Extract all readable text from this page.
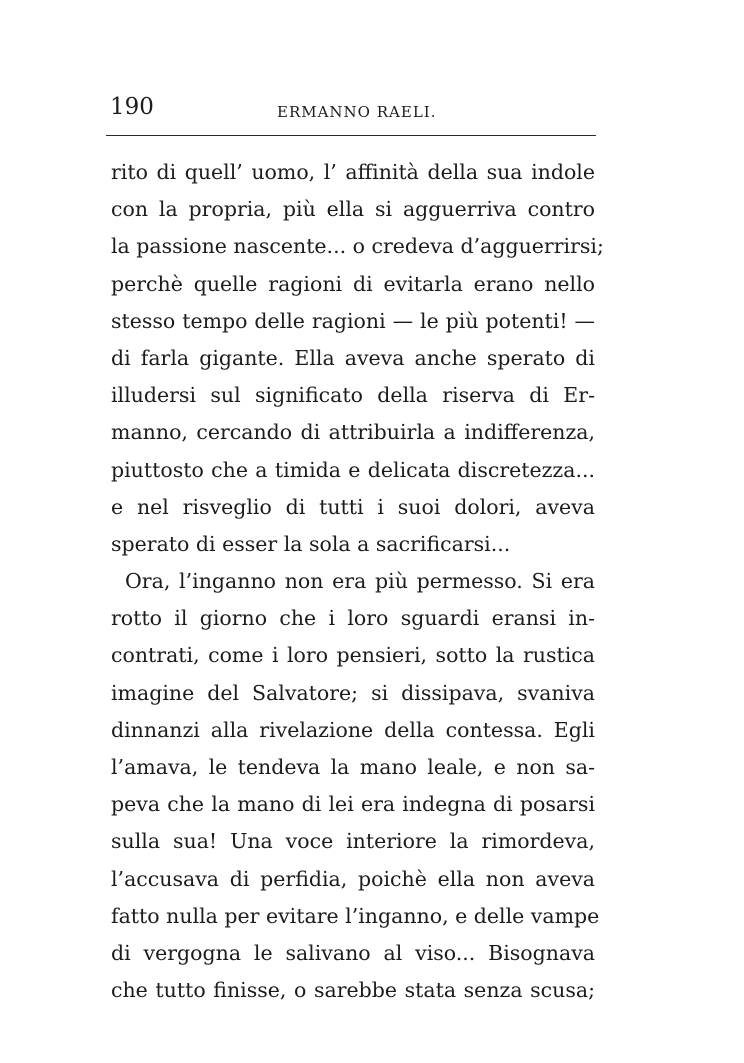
190	ERMANNO RAELI.
rito di quell’ uomo, l’ affinità della sua indole
con la propria, più ella si agguerriva contro
la passione nascente... o credeva d’agguerrirsi;
perchè quelle ragioni di evitarla erano nello
stesso tempo delle ragioni — le più potenti! —
di farla gigante. Ella aveva anche sperato di
illudersi sul significato della riserva di Er-
manno, cercando di attribuirla a indifferenza,
piuttosto che a timida e delicata discretezza...
e nel risveglio di tutti i suoi dolori, aveva
sperato di esser la sola a sacrificarsi...
Ora, l’inganno non era più permesso. Si era
rotto il giorno che i loro sguardi eransi in-
contrati, come i loro pensieri, sotto la rustica
imagine del Salvatore; si dissipava, svaniva
dinnanzi alla rivelazione della contessa. Egli
l’amava, le tendeva la mano leale, e non sa-
peva che la mano di lei era indegna di posarsi
sulla sua! Una voce interiore la rimordeva,
l’accusava di perfidia, poichè ella non aveva
fatto nulla per evitare l’inganno, e delle vampe
di vergogna le salivano al viso... Bisognava
che tutto finisse, o sarebbe stata senza scusa;
